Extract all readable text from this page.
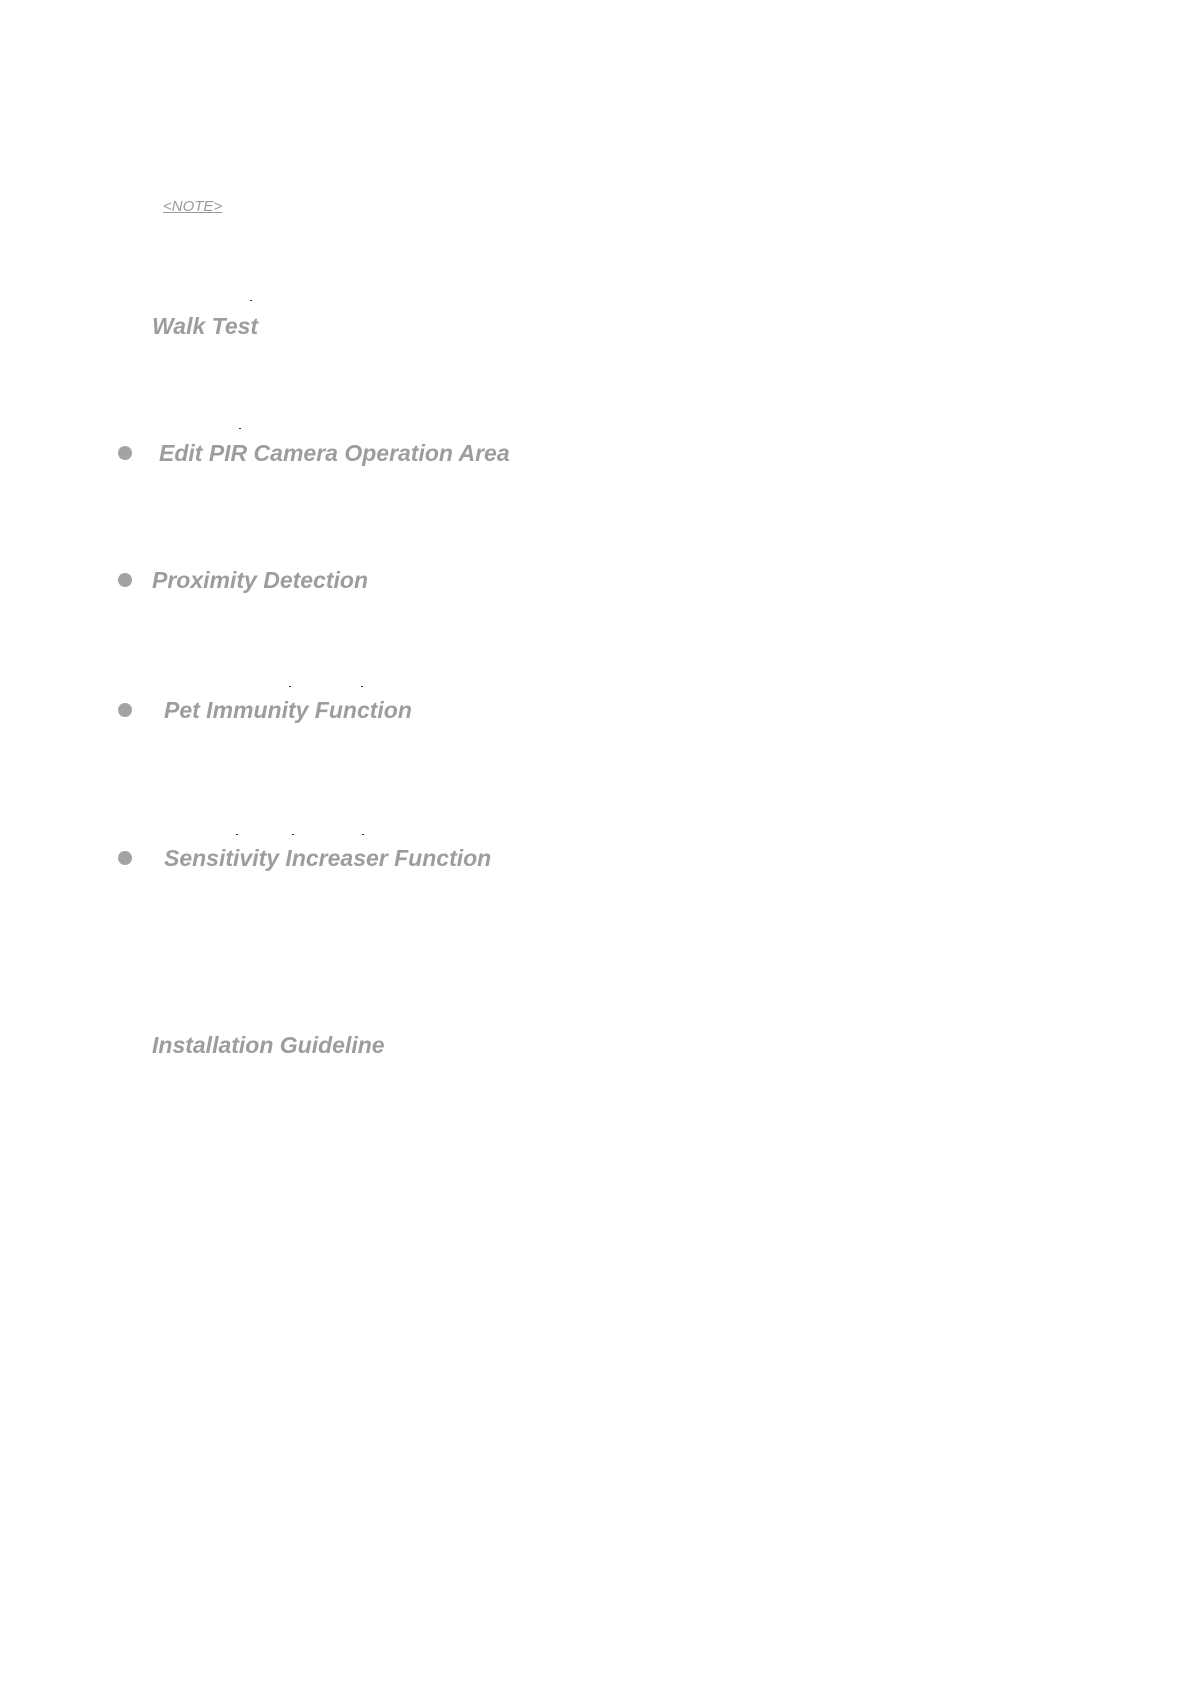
<NOTE>
Walk Test
Edit PIR Camera Operation Area
Proximity Detection
Pet Immunity Function
Sensitivity Increaser Function
Installation Guideline
